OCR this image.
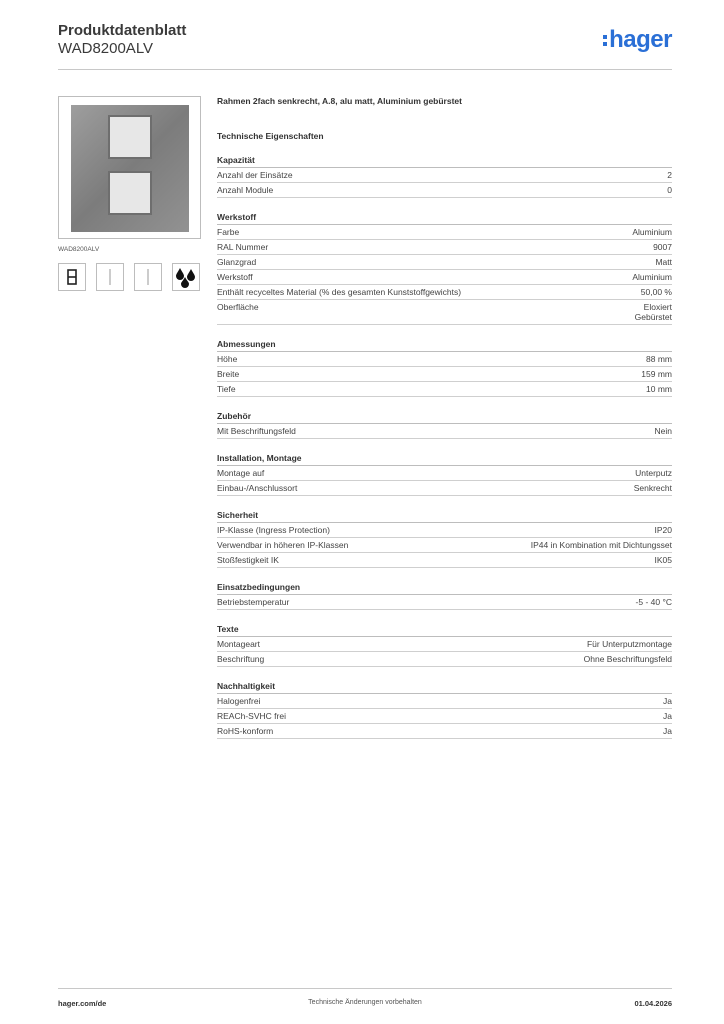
Produktdatenblatt
WAD8200ALV	hager
WAD8200ALV
Rahmen 2fach senkrecht, A.8, alu matt, Aluminium gebürstet
Technische Eigenschaften
Kapazität
Anzahl der Einsätze	2
Anzahl Module	0
Werkstoff
Farbe	Aluminium
RAL Nummer	9007
Glanzgrad	Matt
Werkstoff	Aluminium
Enthält recyceltes Material (% des gesamten Kunststoffgewichts)	50,00 %
Oberfläche	Eloxiert
Gebürstet
Abmessungen
Höhe	88 mm
Breite	159 mm
Tiefe	10 mm
Zubehör
Mit Beschriftungsfeld	Nein
Installation, Montage
Montage auf	Unterputz
Einbau-/Anschlussort	Senkrecht
Sicherheit
IP-Klasse (Ingress Protection)	IP20
Verwendbar in höheren IP-Klassen	IP44 in Kombination mit Dichtungsset
Stoßfestigkeit IK	IK05
Einsatzbedingungen
Betriebstemperatur	-5 - 40 °C
Texte
Montageart	Für Unterputzmontage
Beschriftung	Ohne Beschriftungsfeld
Nachhaltigkeit
Halogenfrei	Ja
REACh-SVHC frei	Ja
RoHS-konform	Ja
hager.com/de	Technische Änderungen vorbehalten	01.04.2026
